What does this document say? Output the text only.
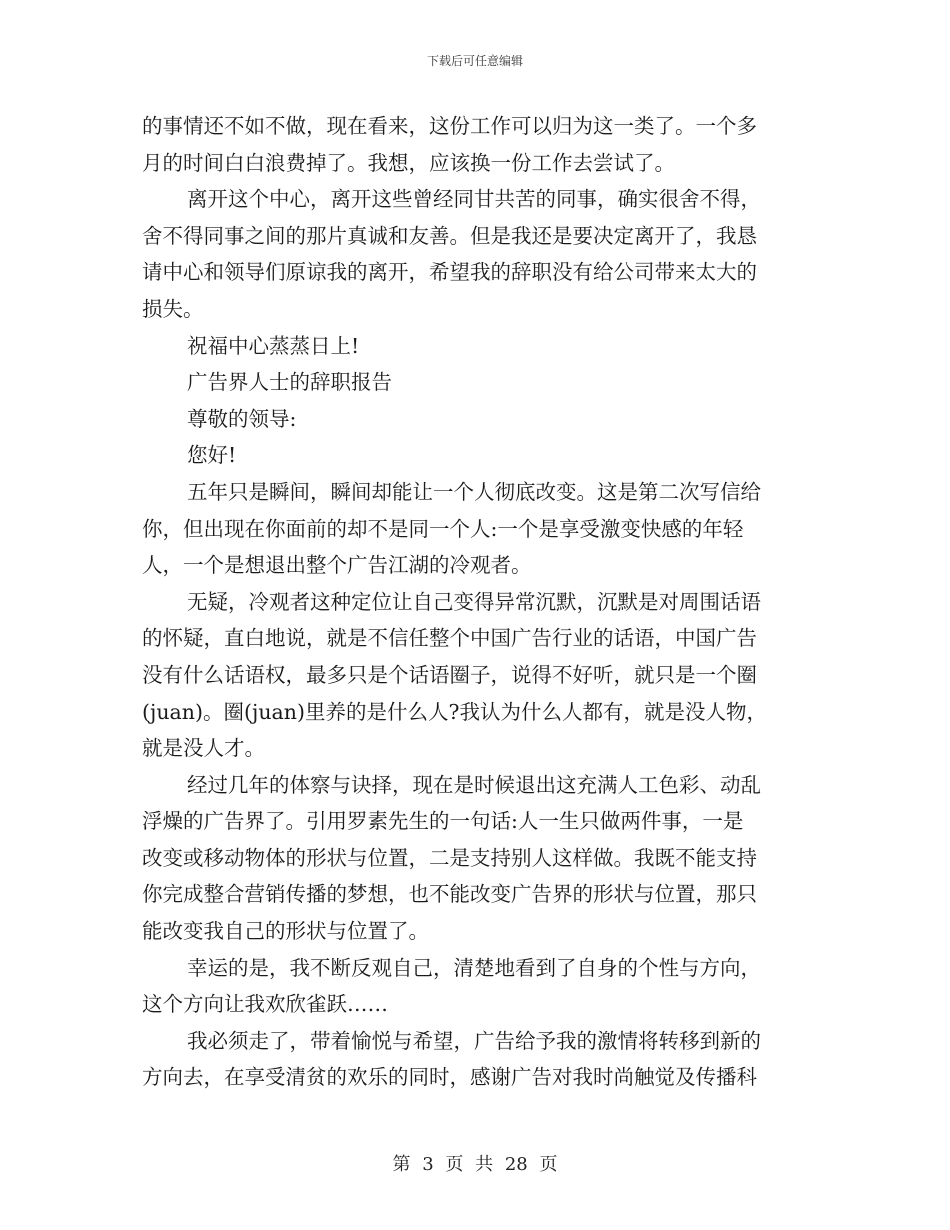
下载后可任意编辑
的事情还不如不做，现在看来，这份工作可以归为这一类了。一个多
月的时间白白浪费掉了。我想，应该换一份工作去尝试了。
离开这个中心，离开这些曾经同甘共苦的同事，确实很舍不得，
舍不得同事之间的那片真诚和友善。但是我还是要决定离开了，我恳
请中心和领导们原谅我的离开，希望我的辞职没有给公司带来太大的
损失。
祝福中心蒸蒸日上!
广告界人士的辞职报告
尊敬的领导:
您好!
五年只是瞬间，瞬间却能让一个人彻底改变。这是第二次写信给
你，但出现在你面前的却不是同一个人:一个是享受激变快感的年轻
人，一个是想退出整个广告江湖的冷观者。
无疑，冷观者这种定位让自己变得异常沉默，沉默是对周围话语
的怀疑，直白地说，就是不信任整个中国广告行业的话语，中国广告
没有什么话语权，最多只是个话语圈子，说得不好听，就只是一个圈
(juan)。圈(juan)里养的是什么人?我认为什么人都有，就是没人物，
就是没人才。
经过几年的体察与诀择，现在是时候退出这充满人工色彩、动乱
浮燥的广告界了。引用罗素先生的一句话:人一生只做两件事，一是
改变或移动物体的形状与位置，二是支持别人这样做。我既不能支持
你完成整合营销传播的梦想，也不能改变广告界的形状与位置，那只
能改变我自己的形状与位置了。
幸运的是，我不断反观自己，清楚地看到了自身的个性与方向，
这个方向让我欢欣雀跃……
我必须走了，带着愉悦与希望，广告给予我的激情将转移到新的
方向去，在享受清贫的欢乐的同时，感谢广告对我时尚触觉及传播科
第 3 页 共 28 页
